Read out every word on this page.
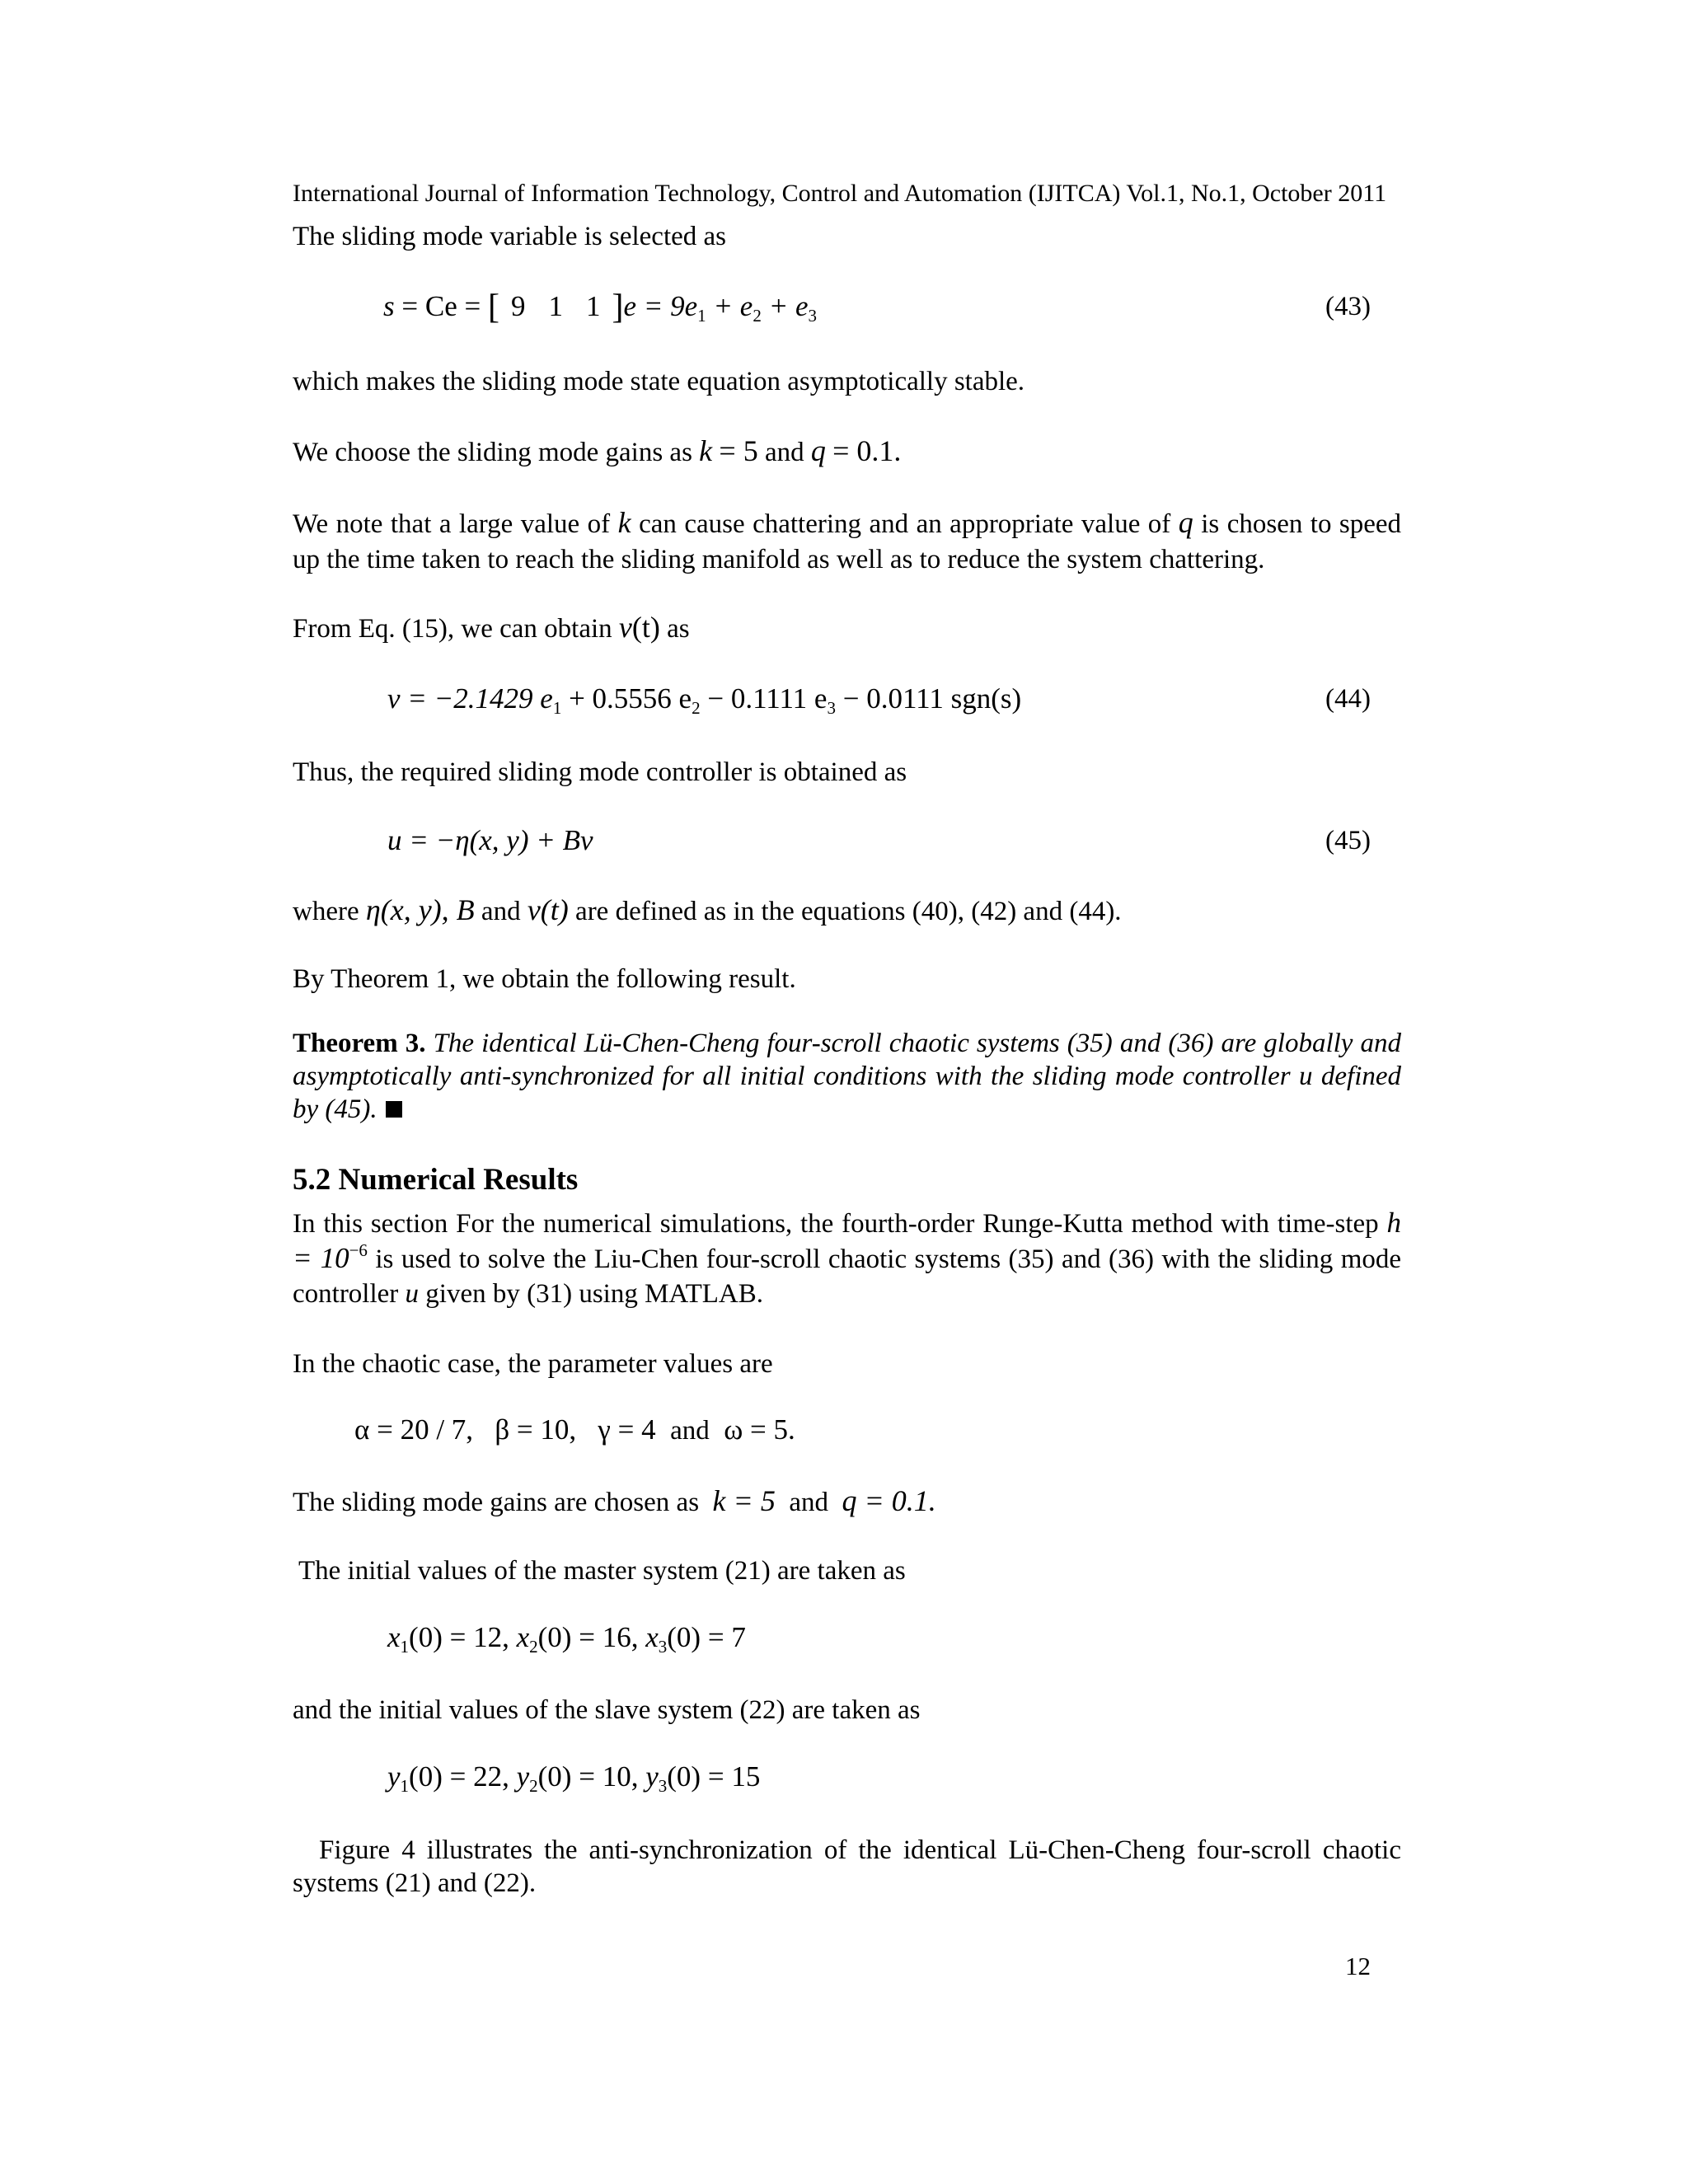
International Journal of Information Technology, Control and Automation (IJITCA) Vol.1, No.1, October 2011
The sliding mode variable is selected as
s = Ce = [ 9 1 1 ]$e = 9e_1 + e_2 + e_3$	(43)
which makes the sliding mode state equation asymptotically stable.
We choose the sliding mode gains as k = 5 and q = 0.1.
We note that a large value of k can cause chattering and an appropriate value of q is chosen to speed up the time taken to reach the sliding manifold as well as to reduce the system chattering.
From Eq. (15), we can obtain v(t) as
v = −2.1429 $e_1 + 0.5556$ $e_2 - 0.1111$ $e_3 - 0.0111$ sgn(s)	(44)
Thus, the required sliding mode controller is obtained as
u = −η(x, y) + Bv	(45)
where η(x, y), B and v(t) are defined as in the equations (40), (42) and (44).
By Theorem 1, we obtain the following result.
Theorem 3. The identical Lü-Chen-Cheng four-scroll chaotic systems (35) and (36) are globally and asymptotically anti-synchronized for all initial conditions with the sliding mode controller u defined by (45).
5.2 Numerical Results
In this section For the numerical simulations, the fourth-order Runge-Kutta method with time-step $h = 10^{-6}$ is used to solve the Liu-Chen four-scroll chaotic systems (35) and (36) with the sliding mode controller u given by (31) using MATLAB.
In the chaotic case, the parameter values are
α = 20 / 7, β = 10, γ = 4 and ω = 5.
The sliding mode gains are chosen as k = 5 and q = 0.1.
The initial values of the master system (21) are taken as
$x_1(0) = 12$, $x_2(0) = 16$, $x_3(0) = 7$
and the initial values of the slave system (22) are taken as
$y_1(0) = 22$, $y_2(0) = 10$, $y_3(0) = 15$
Figure 4 illustrates the anti-synchronization of the identical Lü-Chen-Cheng four-scroll chaotic systems (21) and (22).
12
